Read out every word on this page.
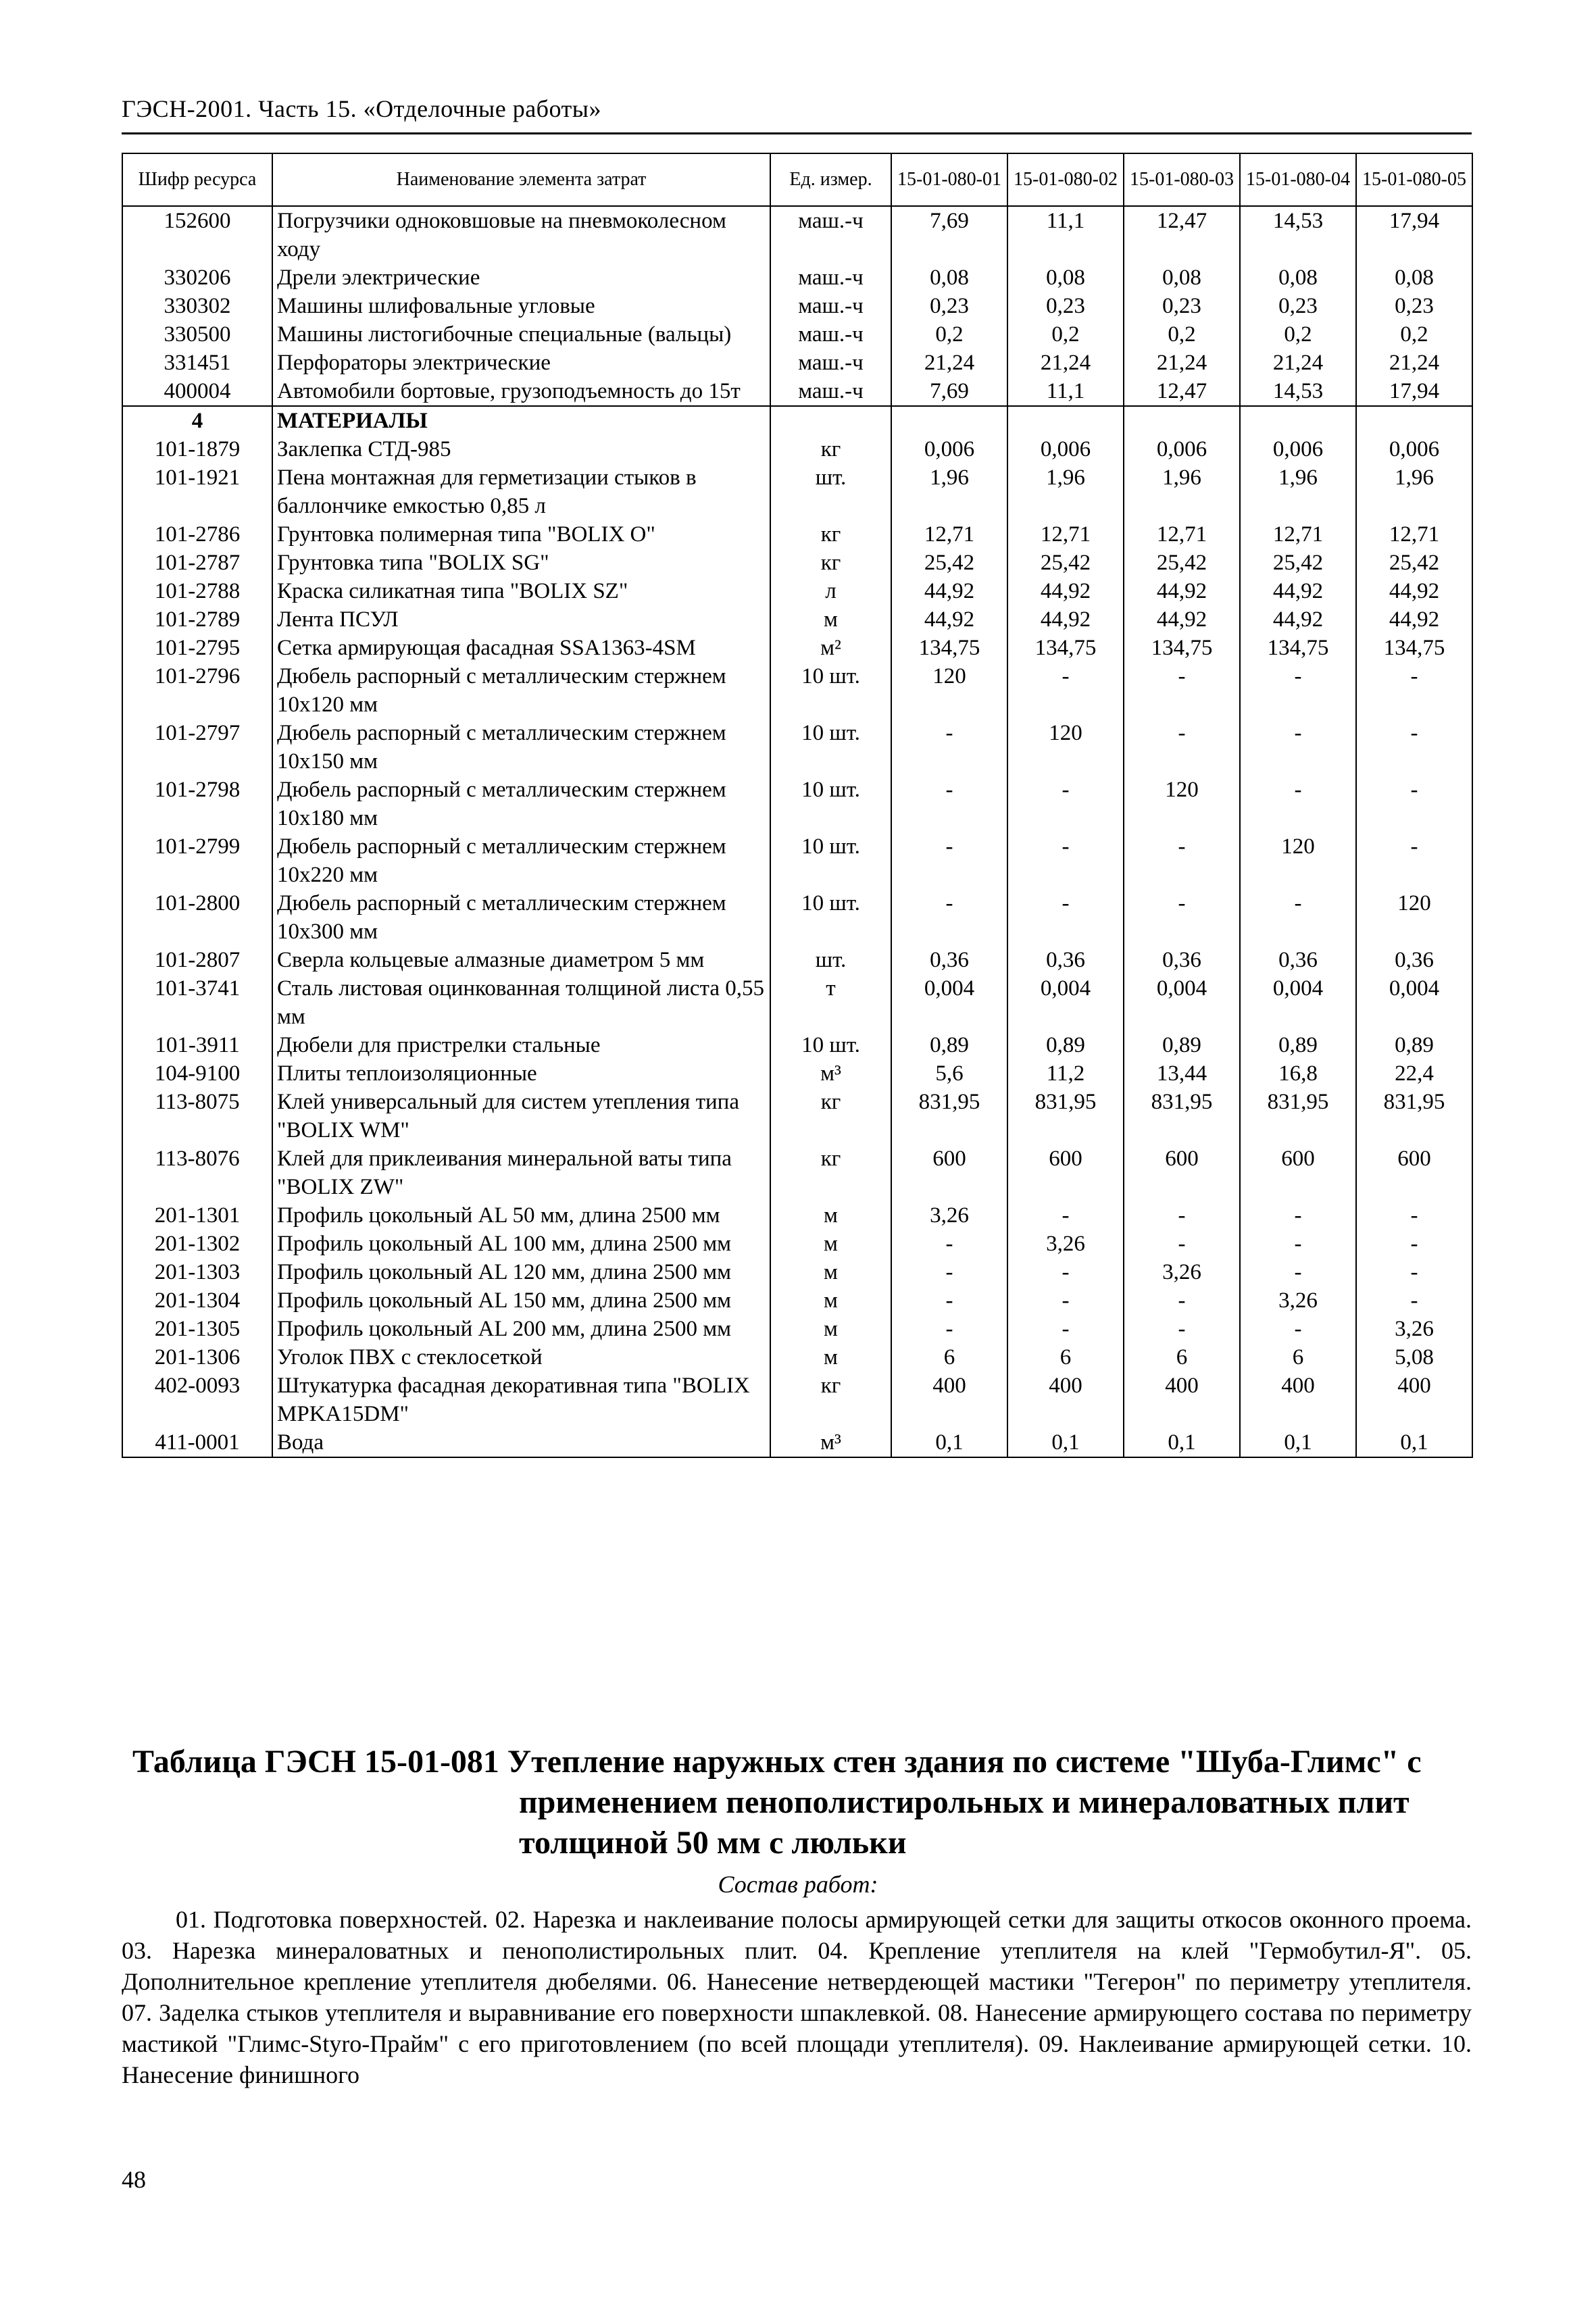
ГЭСН-2001. Часть 15. «Отделочные работы»
Шифр ресурса	Наименование элемента затрат	Ед. измер.	15-01-080-01	15-01-080-02	15-01-080-03	15-01-080-04	15-01-080-05
152600	Погрузчики одноковшовые на пневмоколесном ходу	маш.-ч	7,69	11,1	12,47	14,53	17,94
330206	Дрели электрические	маш.-ч	0,08	0,08	0,08	0,08	0,08
330302	Машины шлифовальные угловые	маш.-ч	0,23	0,23	0,23	0,23	0,23
330500	Машины листогибочные специальные (вальцы)	маш.-ч	0,2	0,2	0,2	0,2	0,2
331451	Перфораторы электрические	маш.-ч	21,24	21,24	21,24	21,24	21,24
400004	Автомобили бортовые, грузоподъемность до 15т	маш.-ч	7,69	11,1	12,47	14,53	17,94
4	МАТЕРИАЛЫ						
101-1879	Заклепка СТД-985	кг	0,006	0,006	0,006	0,006	0,006
101-1921	Пена монтажная для герметизации стыков в баллончике емкостью 0,85 л	шт.	1,96	1,96	1,96	1,96	1,96
101-2786	Грунтовка полимерная типа "BOLIX O"	кг	12,71	12,71	12,71	12,71	12,71
101-2787	Грунтовка типа "BOLIX SG"	кг	25,42	25,42	25,42	25,42	25,42
101-2788	Краска силикатная типа "BOLIX SZ"	л	44,92	44,92	44,92	44,92	44,92
101-2789	Лента ПСУЛ	м	44,92	44,92	44,92	44,92	44,92
101-2795	Сетка армирующая фасадная SSA1363-4SM	м²	134,75	134,75	134,75	134,75	134,75
101-2796	Дюбель распорный с металлическим стержнем 10х120 мм	10 шт.	120	-	-	-	-
101-2797	Дюбель распорный с металлическим стержнем 10х150 мм	10 шт.	-	120	-	-	-
101-2798	Дюбель распорный с металлическим стержнем 10х180 мм	10 шт.	-	-	120	-	-
101-2799	Дюбель распорный с металлическим стержнем 10х220 мм	10 шт.	-	-	-	120	-
101-2800	Дюбель распорный с металлическим стержнем 10х300 мм	10 шт.	-	-	-	-	120
101-2807	Сверла кольцевые алмазные диаметром 5 мм	шт.	0,36	0,36	0,36	0,36	0,36
101-3741	Сталь листовая оцинкованная толщиной листа 0,55 мм	т	0,004	0,004	0,004	0,004	0,004
101-3911	Дюбели для пристрелки стальные	10 шт.	0,89	0,89	0,89	0,89	0,89
104-9100	Плиты теплоизоляционные	м³	5,6	11,2	13,44	16,8	22,4
113-8075	Клей универсальный для систем утепления типа "BOLIX WM"	кг	831,95	831,95	831,95	831,95	831,95
113-8076	Клей для приклеивания минеральной ваты типа "BOLIX ZW"	кг	600	600	600	600	600
201-1301	Профиль цокольный AL 50 мм, длина 2500 мм	м	3,26	-	-	-	-
201-1302	Профиль цокольный AL 100 мм, длина 2500 мм	м	-	3,26	-	-	-
201-1303	Профиль цокольный AL 120 мм, длина 2500 мм	м	-	-	3,26	-	-
201-1304	Профиль цокольный AL 150 мм, длина 2500 мм	м	-	-	-	3,26	-
201-1305	Профиль цокольный AL 200 мм, длина 2500 мм	м	-	-	-	-	3,26
201-1306	Уголок ПВХ с стеклосеткой	м	6	6	6	6	5,08
402-0093	Штукатурка фасадная декоративная типа "BOLIX MPKA15DM"	кг	400	400	400	400	400
411-0001	Вода	м³	0,1	0,1	0,1	0,1	0,1
Таблица ГЭСН 15-01-081 Утепление наружных стен здания по системе "Шуба-Глимс" с
применением пенополистирольных и минераловатных плит
толщиной 50 мм с люльки
Состав работ:
01. Подготовка поверхностей. 02. Нарезка и наклеивание полосы армирующей сетки для защиты откосов оконного проема. 03. Нарезка минераловатных и пенополистирольных плит. 04. Крепление утеплителя на клей "Гермобутил-Я". 05. Дополнительное крепление утеплителя дюбелями. 06. Нанесение нетвердеющей мастики "Тегерон" по периметру утеплителя. 07. Заделка стыков утеплителя и выравнивание его поверхности шпаклевкой. 08. Нанесение армирующего состава по периметру мастикой "Глимс-Styro-Прайм" с его приготовлением (по всей площади утеплителя). 09. Наклеивание армирующей сетки. 10. Нанесение финишного
48
